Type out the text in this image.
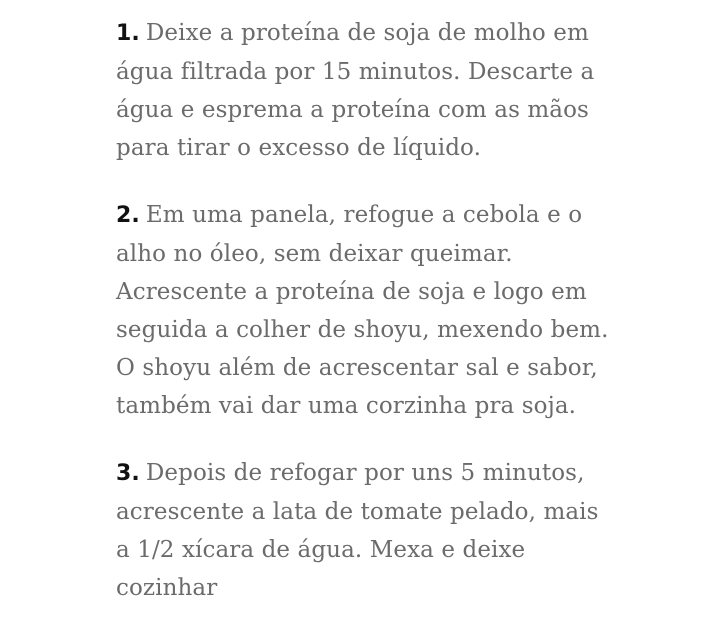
1. Deixe a proteína de soja de molho em água filtrada por 15 minutos. Descarte a água e esprema a proteína com as mãos para tirar o excesso de líquido.

2. Em uma panela, refogue a cebola e o alho no óleo, sem deixar queimar. Acrescente a proteína de soja e logo em seguida a colher de shoyu, mexendo bem. O shoyu além de acrescentar sal e sabor, também vai dar uma corzinha pra soja.

3. Depois de refogar por uns 5 minutos, acrescente a lata de tomate pelado, mais a 1/2 xícara de água. Mexa e deixe cozinhar
